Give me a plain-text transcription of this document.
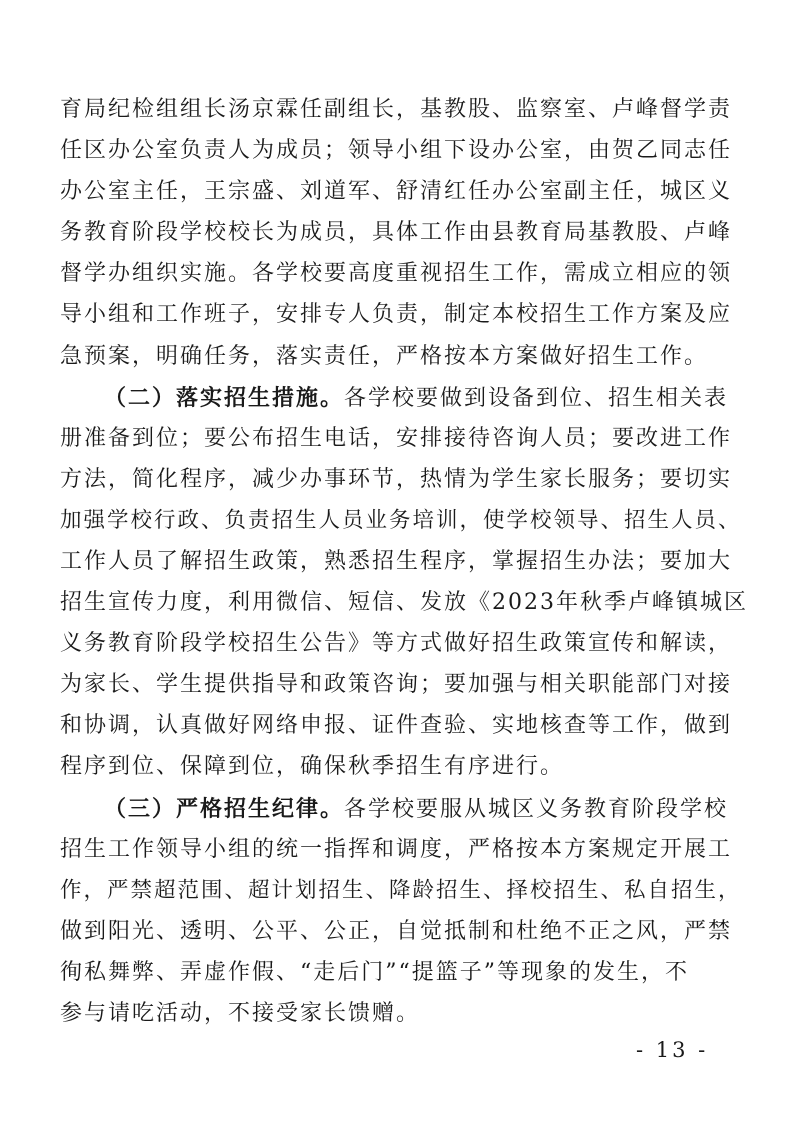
育局纪检组组长汤京霖任副组长，基教股、监察室、卢峰督学责
任区办公室负责人为成员；领导小组下设办公室，由贺乙同志任
办公室主任，王宗盛、刘道军、舒清红任办公室副主任，城区义
务教育阶段学校校长为成员，具体工作由县教育局基教股、卢峰
督学办组织实施。各学校要高度重视招生工作，需成立相应的领
导小组和工作班子，安排专人负责，制定本校招生工作方案及应
急预案，明确任务，落实责任，严格按本方案做好招生工作。
（二）落实招生措施。各学校要做到设备到位、招生相关表
册准备到位；要公布招生电话，安排接待咨询人员；要改进工作
方法，简化程序，减少办事环节，热情为学生家长服务；要切实
加强学校行政、负责招生人员业务培训，使学校领导、招生人员、
工作人员了解招生政策，熟悉招生程序，掌握招生办法；要加大
招生宣传力度，利用微信、短信、发放《2023年秋季卢峰镇城区
义务教育阶段学校招生公告》等方式做好招生政策宣传和解读，
为家长、学生提供指导和政策咨询；要加强与相关职能部门对接
和协调，认真做好网络申报、证件查验、实地核查等工作，做到
程序到位、保障到位，确保秋季招生有序进行。
（三）严格招生纪律。各学校要服从城区义务教育阶段学校
招生工作领导小组的统一指挥和调度，严格按本方案规定开展工
作，严禁超范围、超计划招生、降龄招生、择校招生、私自招生，
做到阳光、透明、公平、公正，自觉抵制和杜绝不正之风，严禁
徇私舞弊、弄虚作假、“走后门”“提篮子”等现象的发生，不
参与请吃活动，不接受家长馈赠。
- 13 -
